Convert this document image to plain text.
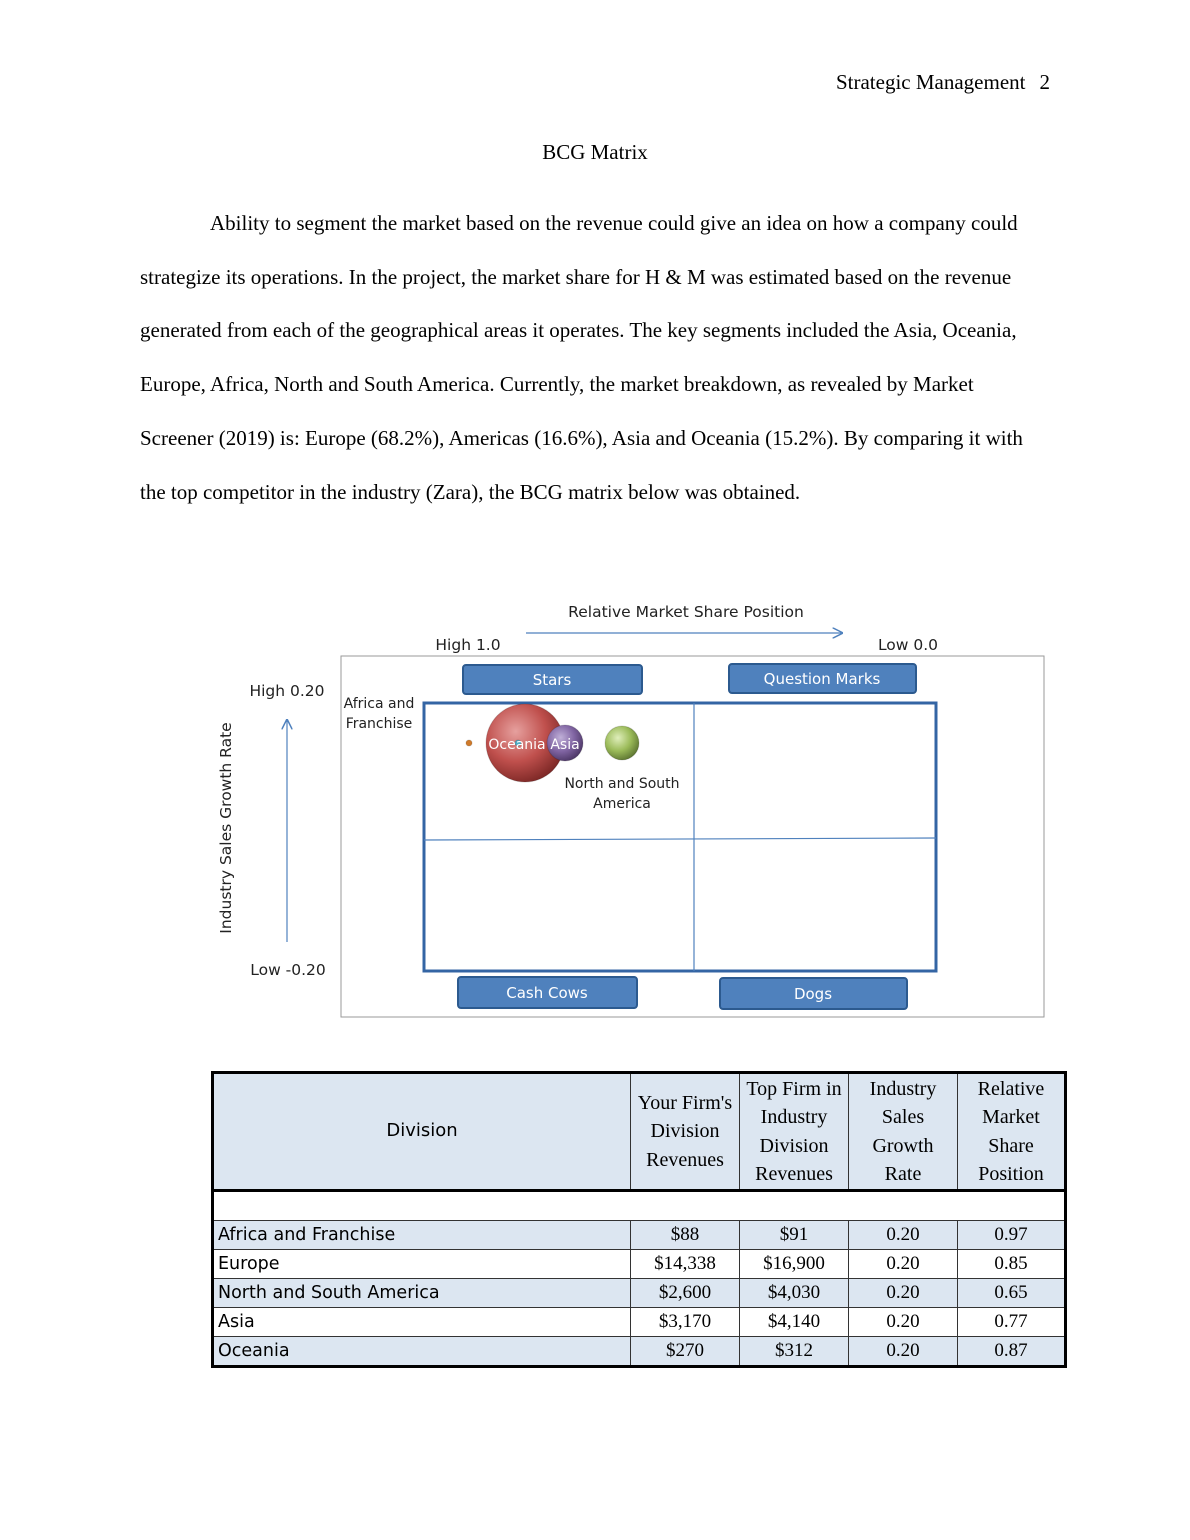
Strategic Management 2
BCG Matrix

Ability to segment the market based on the revenue could give an idea on how a company could strategize its operations. In the project, the market share for H & M was estimated based on the revenue generated from each of the geographical areas it operates. The key segments included the Asia, Oceania, Europe, Africa, North and South America. Currently, the market breakdown, as revealed by Market Screener (2019) is: Europe (68.2%), Americas (16.6%), Asia and Oceania (15.2%). By comparing it with the top competitor in the industry (Zara), the BCG matrix below was obtained.

Relative Market Share Position
High 1.0	Low 0.0
High 0.20
Low -0.20
Industry Sales Growth Rate
Stars	Question Marks
Cash Cows	Dogs
Africa and
Franchise
North and South
America
Oceania Asia
Division	Your Firm's
Division
Revenues	Top Firm in
Industry
Division
Revenues	Industry
Sales
Growth
Rate	Relative
Market
Share
Position

Africa and Franchise	$88	$91	0.20	0.97
Europe	$14,338	$16,900	0.20	0.85
North and South America	$2,600	$4,030	0.20	0.65
Asia	$3,170	$4,140	0.20	0.77
Oceania	$270	$312	0.20	0.87
